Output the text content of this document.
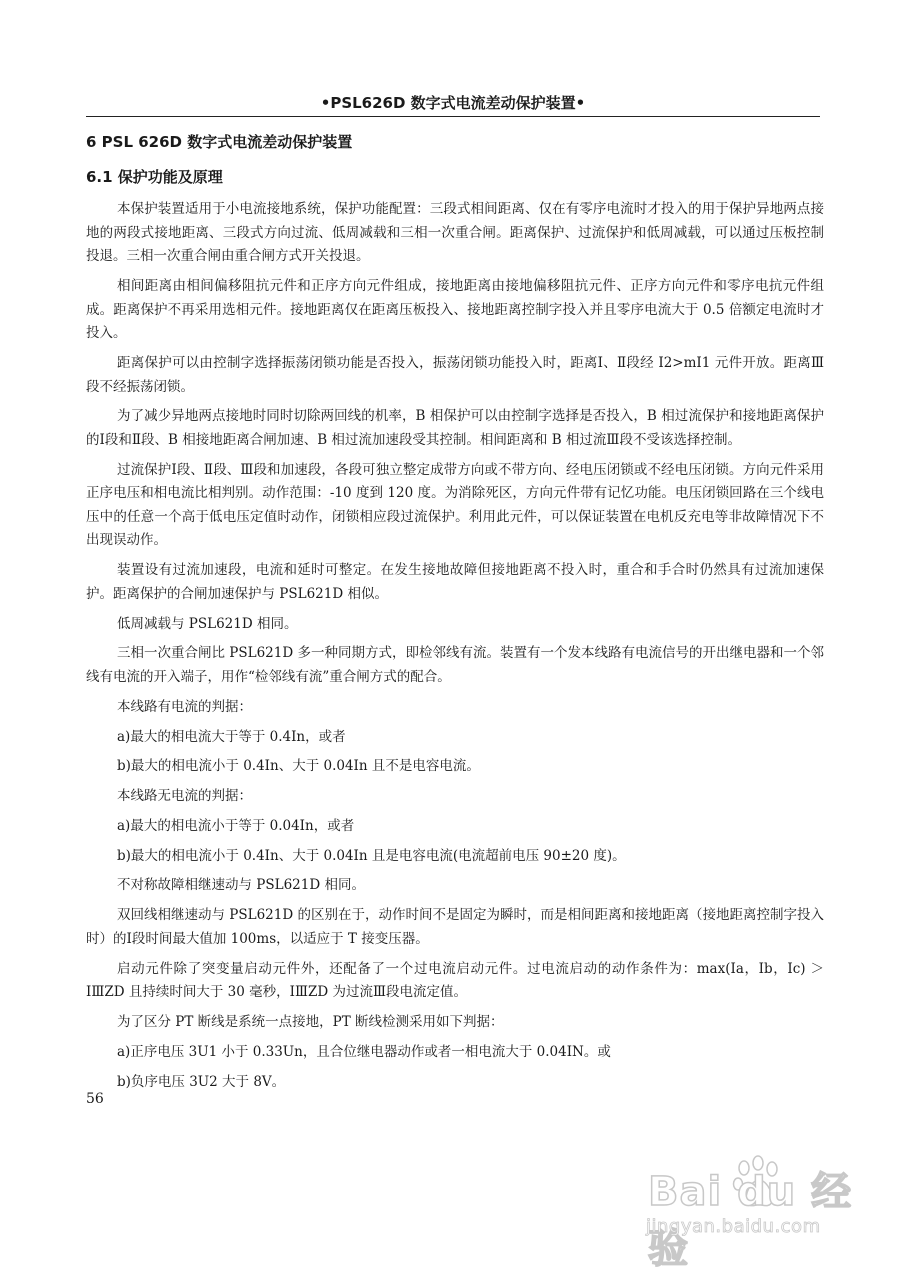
•PSL626D 数字式电流差动保护装置•
6 PSL 626D 数字式电流差动保护装置
6.1 保护功能及原理

本保护装置适用于小电流接地系统，保护功能配置：三段式相间距离、仅在有零序电流时才投入的用于保护异地两点接地的两段式接地距离、三段式方向过流、低周减载和三相一次重合闸。距离保护、过流保护和低周减载，可以通过压板控制投退。三相一次重合闸由重合闸方式开关投退。

相间距离由相间偏移阻抗元件和正序方向元件组成，接地距离由接地偏移阻抗元件、正序方向元件和零序电抗元件组成。距离保护不再采用选相元件。接地距离仅在距离压板投入、接地距离控制字投入并且零序电流大于 0.5 倍额定电流时才投入。

距离保护可以由控制字选择振荡闭锁功能是否投入，振荡闭锁功能投入时，距离Ⅰ、Ⅱ段经 I2>mI1 元件开放。距离Ⅲ段不经振荡闭锁。

为了减少异地两点接地时同时切除两回线的机率，B 相保护可以由控制字选择是否投入，B 相过流保护和接地距离保护的Ⅰ段和Ⅱ段、B 相接地距离合闸加速、B 相过流加速段受其控制。相间距离和 B 相过流Ⅲ段不受该选择控制。

过流保护Ⅰ段、Ⅱ段、Ⅲ段和加速段，各段可独立整定成带方向或不带方向、经电压闭锁或不经电压闭锁。方向元件采用正序电压和相电流比相判别。动作范围：-10 度到 120 度。为消除死区，方向元件带有记忆功能。电压闭锁回路在三个线电压中的任意一个高于低电压定值时动作，闭锁相应段过流保护。利用此元件，可以保证装置在电机反充电等非故障情况下不出现误动作。

装置设有过流加速段，电流和延时可整定。在发生接地故障但接地距离不投入时，重合和手合时仍然具有过流加速保护。距离保护的合闸加速保护与 PSL621D 相似。

低周减载与 PSL621D 相同。

三相一次重合闸比 PSL621D 多一种同期方式，即检邻线有流。装置有一个发本线路有电流信号的开出继电器和一个邻线有电流的开入端子，用作“检邻线有流”重合闸方式的配合。

本线路有电流的判据：

a)最大的相电流大于等于 0.4In，或者

b)最大的相电流小于 0.4In、大于 0.04In 且不是电容电流。

本线路无电流的判据：

a)最大的相电流小于等于 0.04In，或者

b)最大的相电流小于 0.4In、大于 0.04In 且是电容电流(电流超前电压 90±20 度)。

不对称故障相继速动与 PSL621D 相同。

双回线相继速动与 PSL621D 的区别在于，动作时间不是固定为瞬时，而是相间距离和接地距离（接地距离控制字投入时）的Ⅰ段时间最大值加 100ms，以适应于 T 接变压器。

启动元件除了突变量启动元件外，还配备了一个过电流启动元件。过电流启动的动作条件为：max(Ia，Ib，Ic) ＞ IⅢZD 且持续时间大于 30 毫秒，IⅢZD 为过流Ⅲ段电流定值。

为了区分 PT 断线是系统一点接地，PT 断线检测采用如下判据：

a)正序电压 3U1 小于 0.33Un，且合位继电器动作或者一相电流大于 0.04IN。或

b)负序电压 3U2 大于 8V。

56
Bai du 经验
jingyan.baidu.com
